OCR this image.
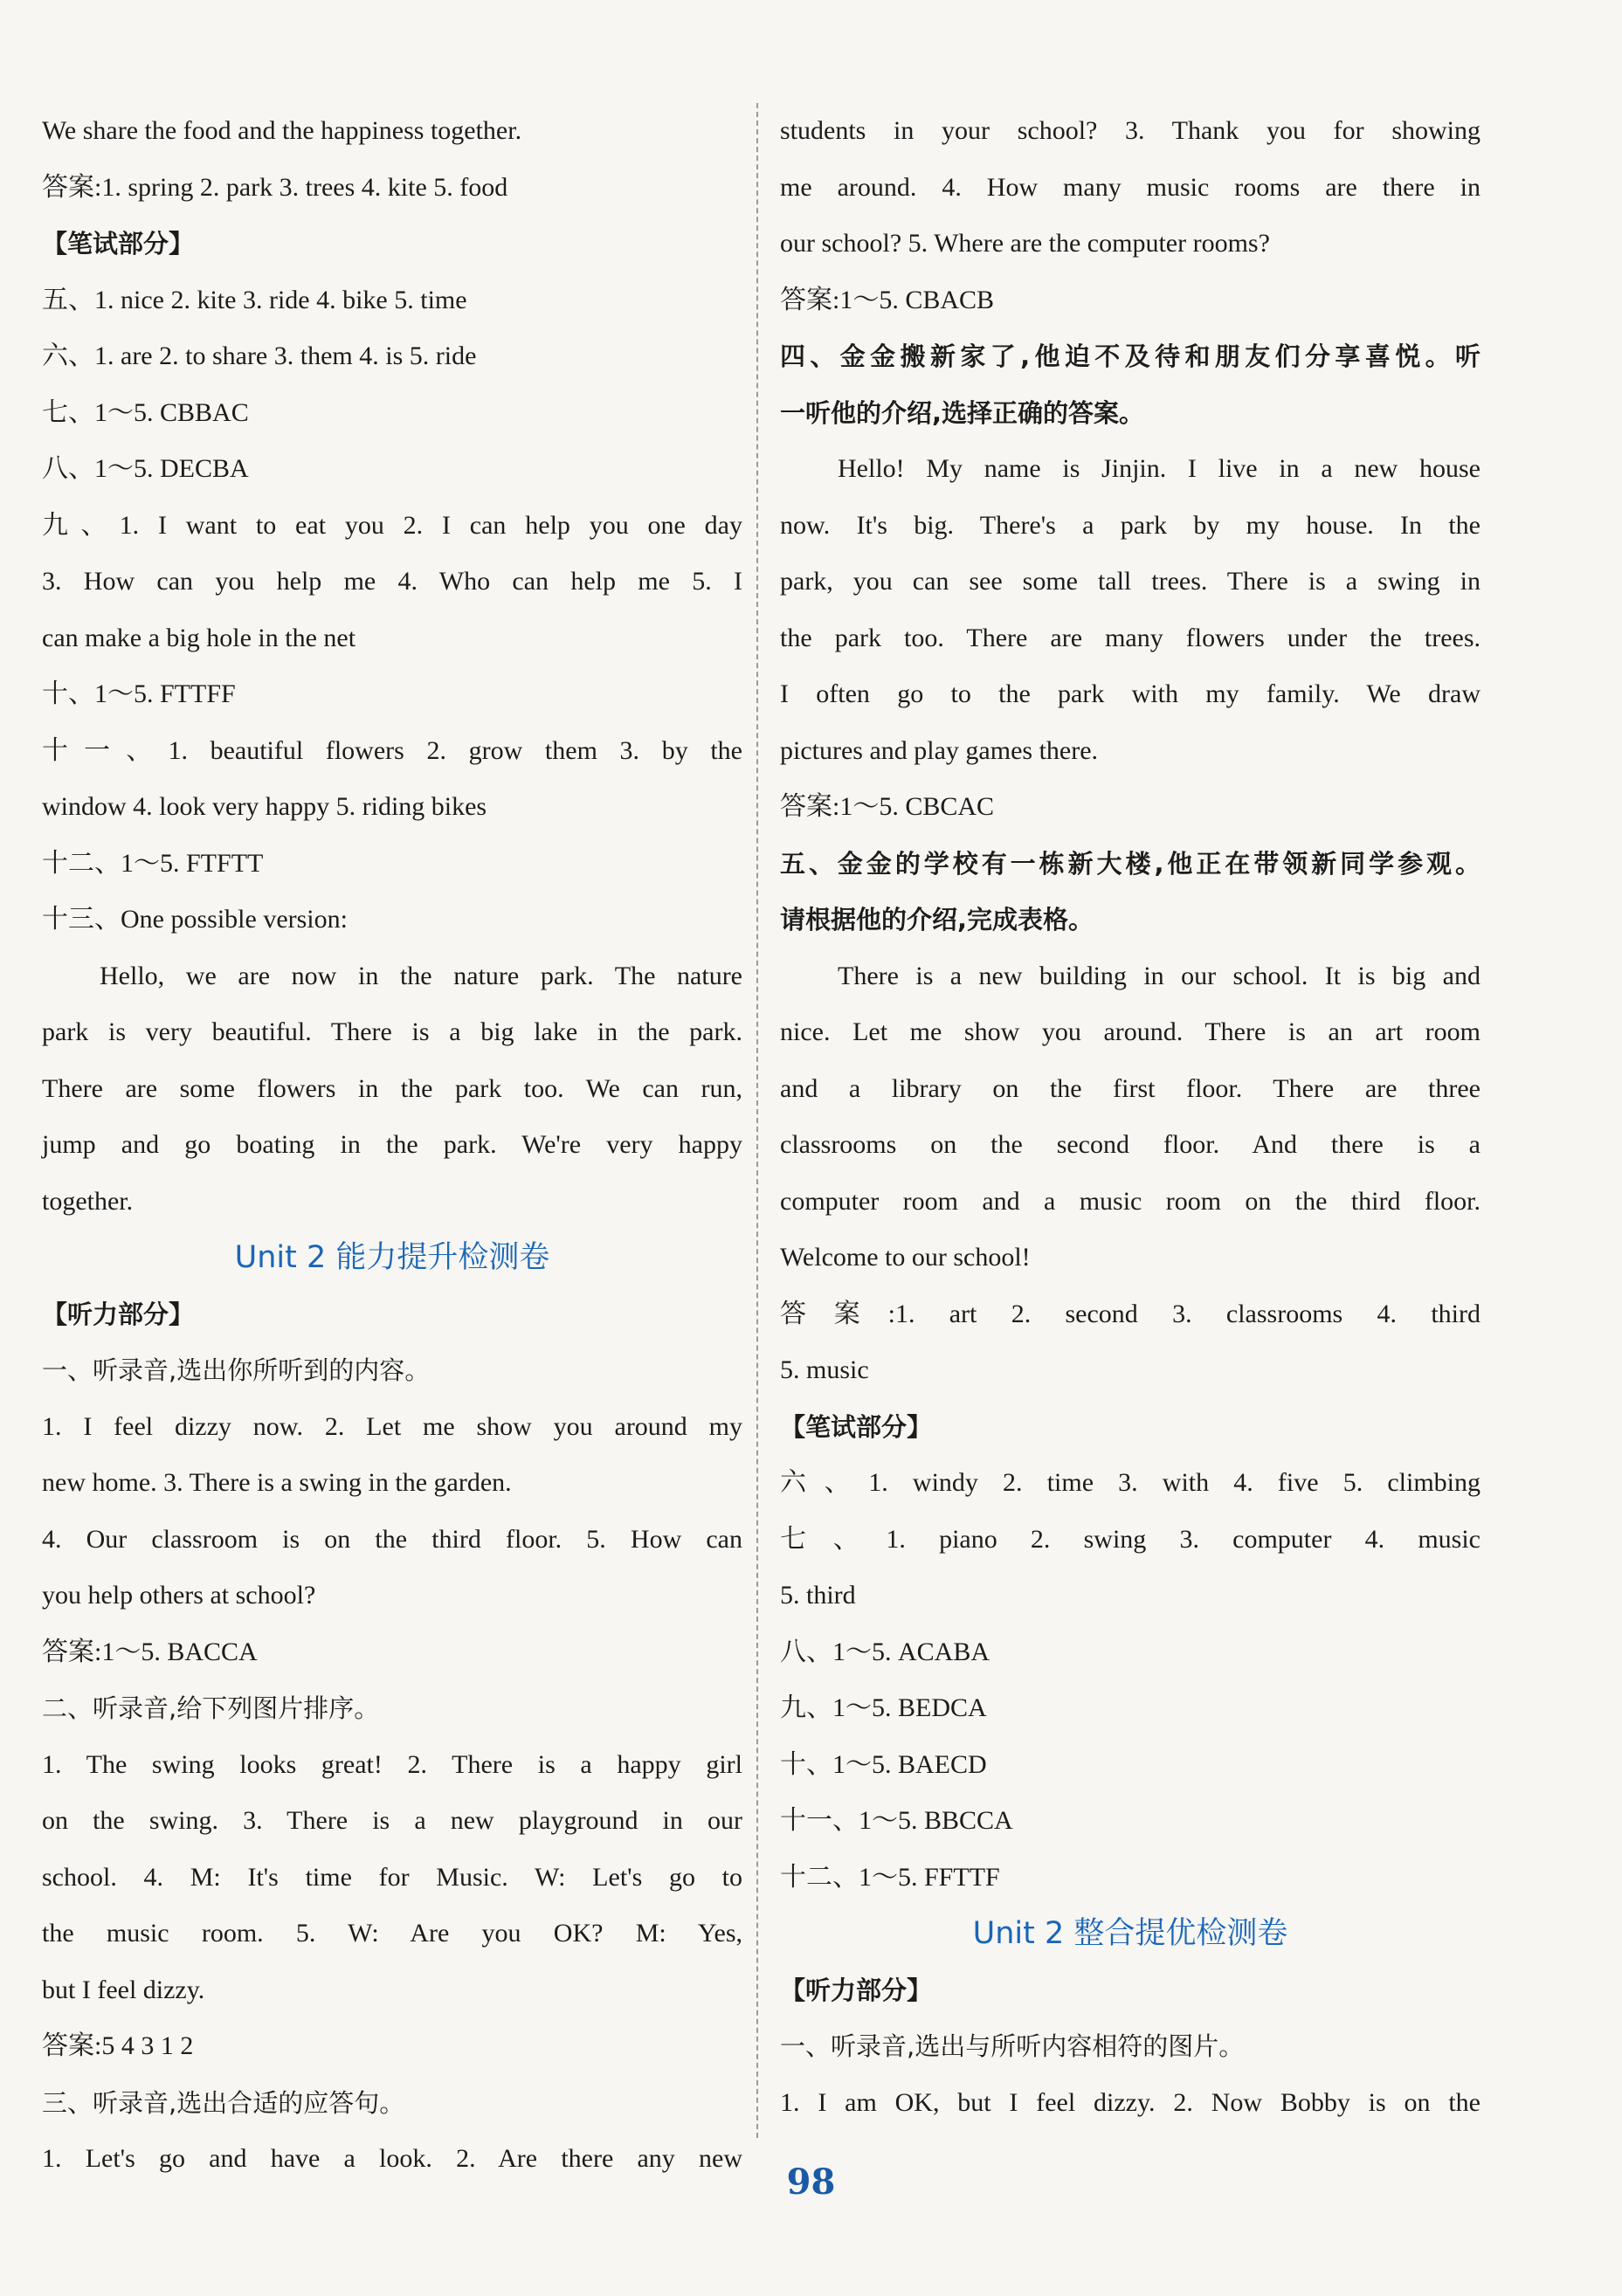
We share the food and the happiness together.
答案:1. spring 2. park 3. trees 4. kite 5. food
【笔试部分】
五、1. nice 2. kite 3. ride 4. bike 5. time
六、1. are 2. to share 3. them 4. is 5. ride
七、1～5. CBBAC
八、1～5. DECBA
九、1. I want to eat you 2. I can help you one day
3. How can you help me 4. Who can help me 5. I
can make a big hole in the net
十、1～5. FTTFF
十一、1. beautiful flowers 2. grow them 3. by the
window 4. look very happy 5. riding bikes
十二、1～5. FTFTT
十三、One possible version:
Hello, we are now in the nature park. The nature
park is very beautiful. There is a big lake in the park.
There are some flowers in the park too. We can run,
jump and go boating in the park. We're very happy
together.
Unit 2 能力提升检测卷
【听力部分】
一、听录音,选出你所听到的内容。
1. I feel dizzy now. 2. Let me show you around my
new home. 3. There is a swing in the garden.
4. Our classroom is on the third floor. 5. How can
you help others at school?
答案:1～5. BACCA
二、听录音,给下列图片排序。
1. The swing looks great! 2. There is a happy girl
on the swing. 3. There is a new playground in our
school. 4. M: It's time for Music. W: Let's go to
the music room. 5. W: Are you OK? M: Yes,
but I feel dizzy.
答案:5 4 3 1 2
三、听录音,选出合适的应答句。
1. Let's go and have a look. 2. Are there any new
students in your school? 3. Thank you for showing
me around. 4. How many music rooms are there in
our school? 5. Where are the computer rooms?
答案:1～5. CBACB
四、金金搬新家了,他迫不及待和朋友们分享喜悦。听
一听他的介绍,选择正确的答案。
Hello! My name is Jinjin. I live in a new house
now. It's big. There's a park by my house. In the
park, you can see some tall trees. There is a swing in
the park too. There are many flowers under the trees.
I often go to the park with my family. We draw
pictures and play games there.
答案:1～5. CBCAC
五、金金的学校有一栋新大楼,他正在带领新同学参观。
请根据他的介绍,完成表格。
There is a new building in our school. It is big and
nice. Let me show you around. There is an art room
and a library on the first floor. There are three
classrooms on the second floor. And there is a
computer room and a music room on the third floor.
Welcome to our school!
答案:1. art 2. second 3. classrooms 4. third
5. music
【笔试部分】
六、1. windy 2. time 3. with 4. five 5. climbing
七、1. piano 2. swing 3. computer 4. music
5. third
八、1～5. ACABA
九、1～5. BEDCA
十、1～5. BAECD
十一、1～5. BBCCA
十二、1～5. FFTTF
Unit 2 整合提优检测卷
【听力部分】
一、听录音,选出与所听内容相符的图片。
1. I am OK, but I feel dizzy. 2. Now Bobby is on the
98
